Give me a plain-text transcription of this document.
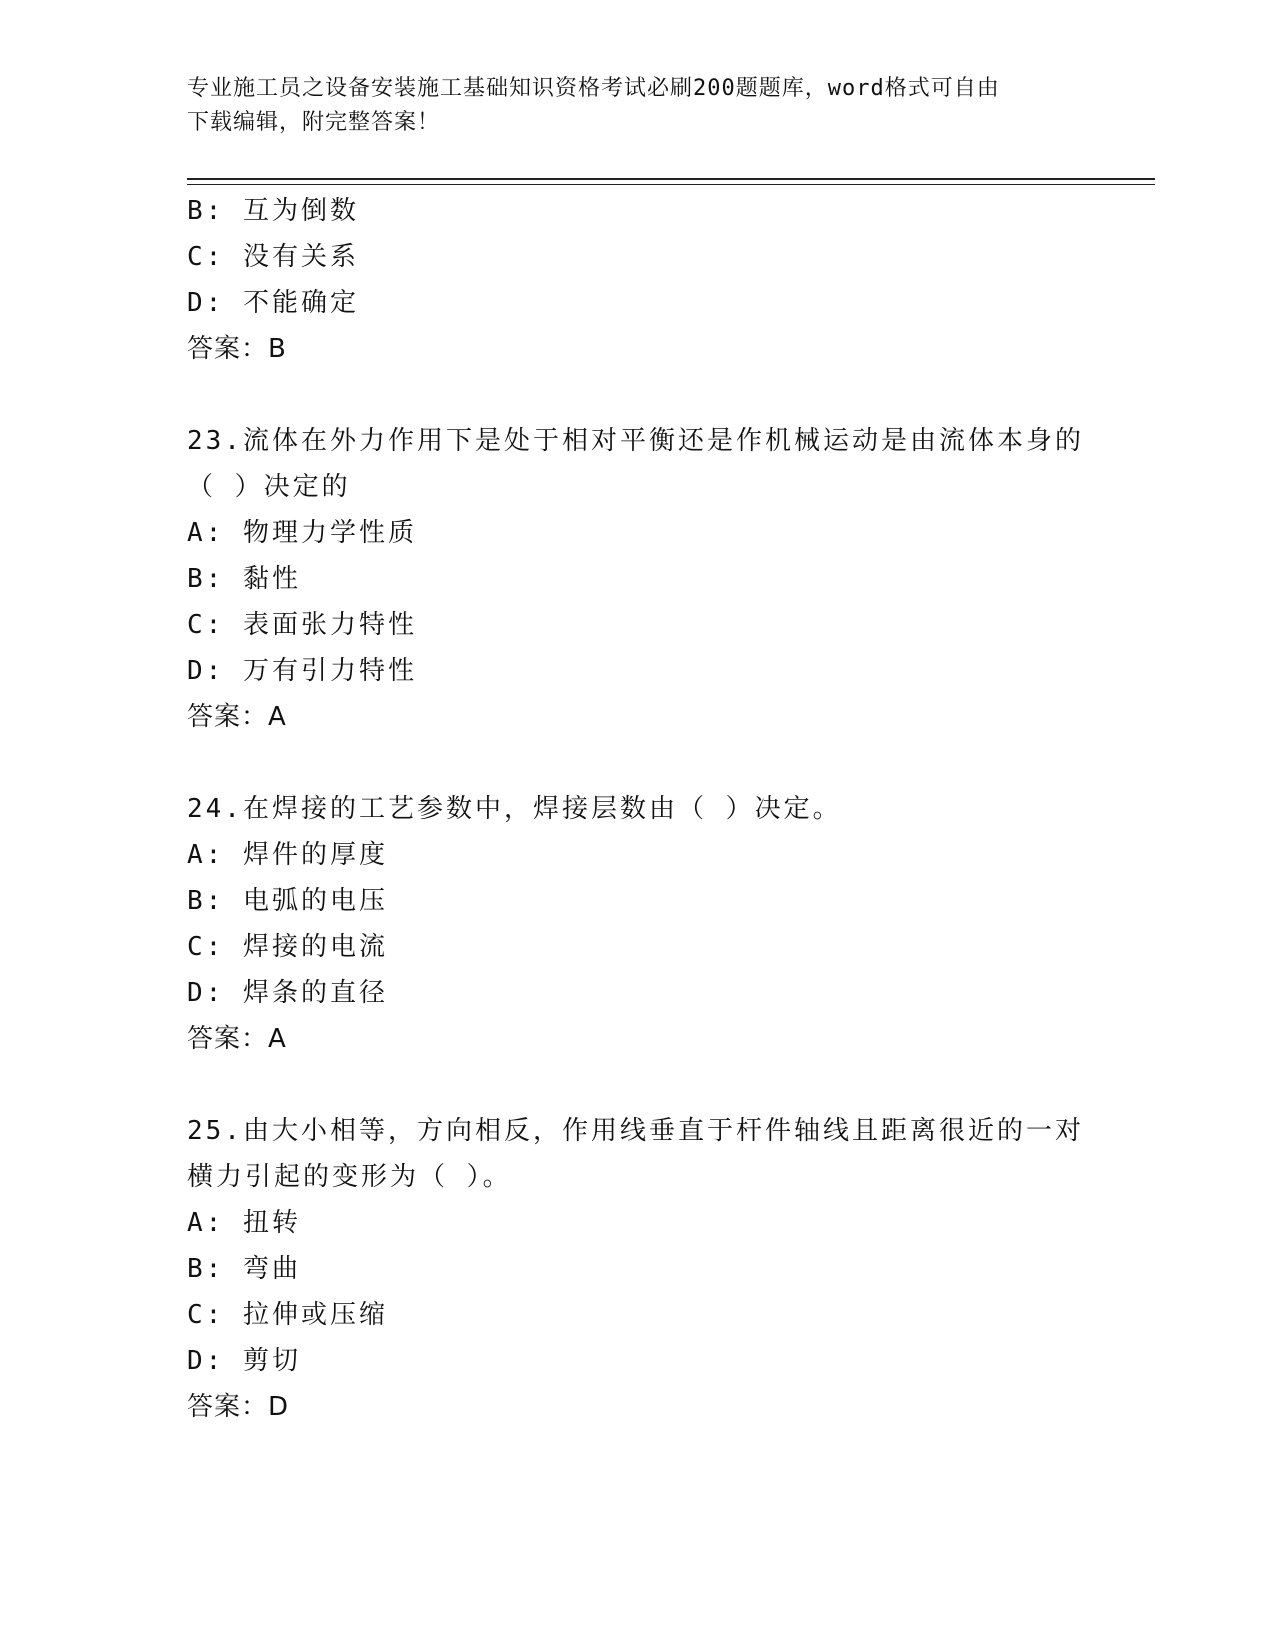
专业施工员之设备安装施工基础知识资格考试必刷200题题库，word格式可自由
下载编辑，附完整答案！
B: 互为倒数
C: 没有关系
D: 不能确定
答案：B
23.流体在外力作用下是处于相对平衡还是作机械运动是由流体本身的
（ ）决定的
A: 物理力学性质
B: 黏性
C: 表面张力特性
D: 万有引力特性
答案：A
24.在焊接的工艺参数中，焊接层数由（ ）决定。
A: 焊件的厚度
B: 电弧的电压
C: 焊接的电流
D: 焊条的直径
答案：A
25.由大小相等，方向相反，作用线垂直于杆件轴线且距离很近的一对
横力引起的变形为（ ）。
A: 扭转
B: 弯曲
C: 拉伸或压缩
D: 剪切
答案：D
